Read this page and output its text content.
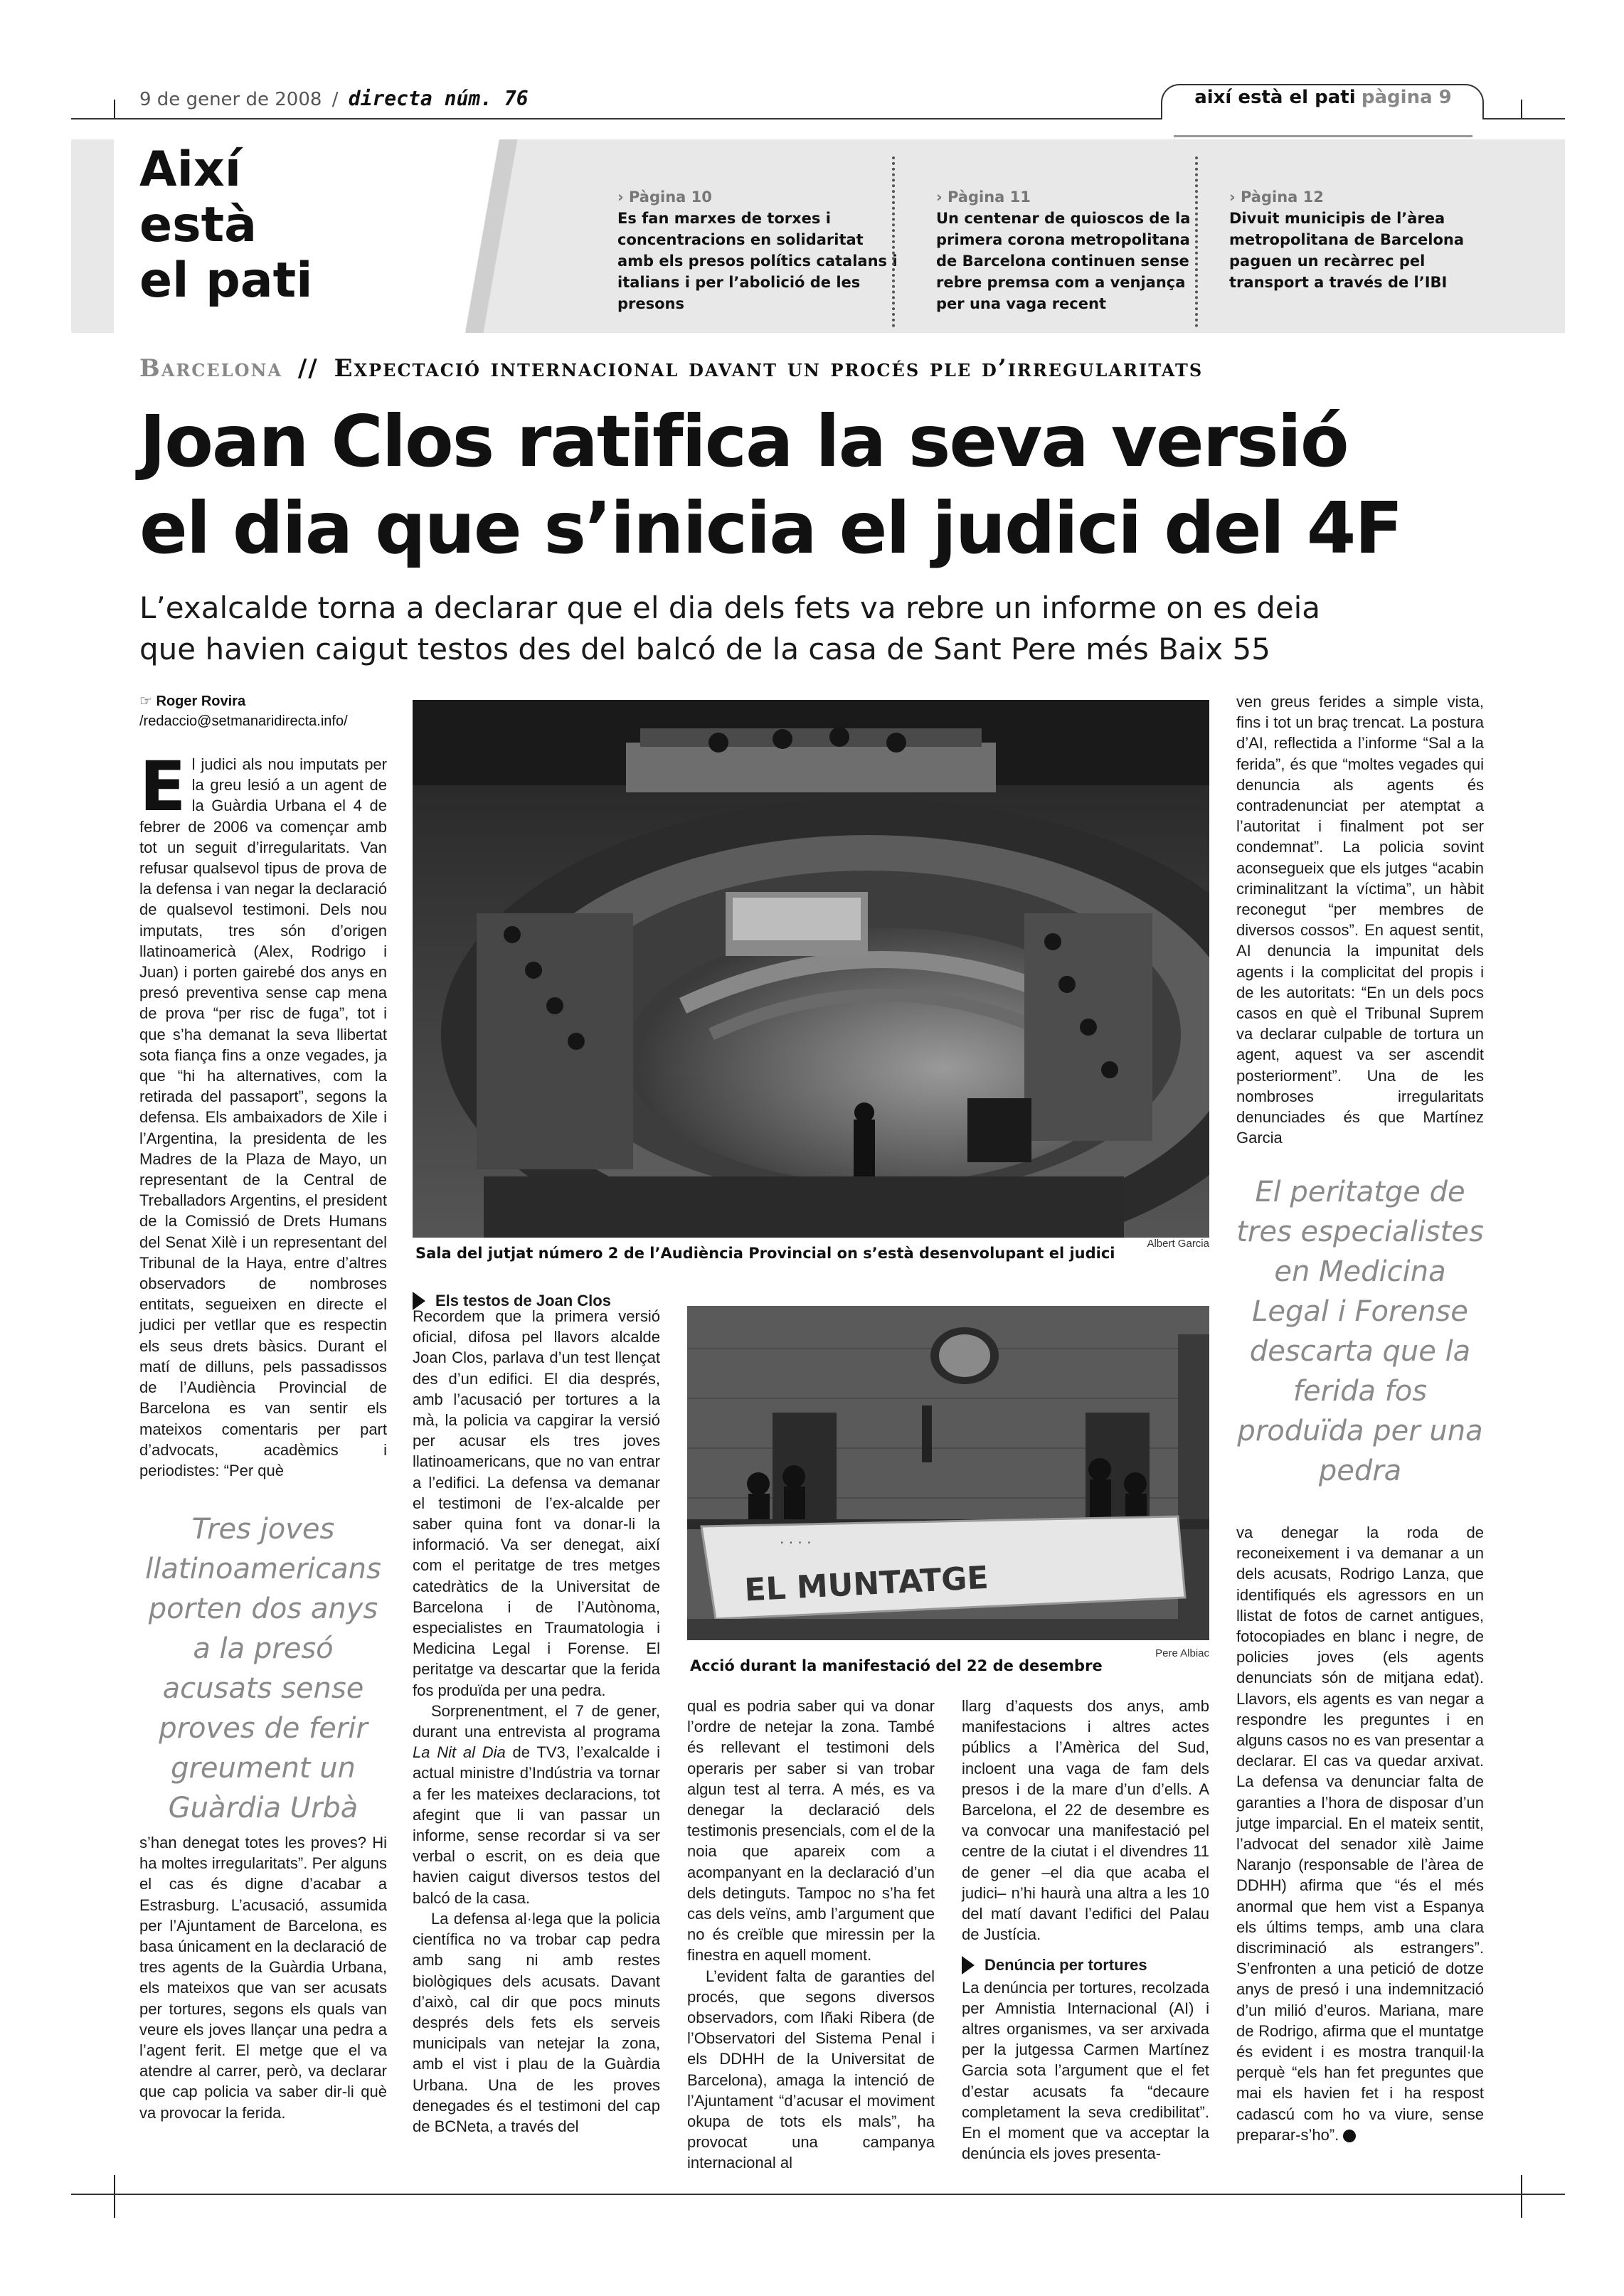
9 de gener de 2008 / directa núm. 76	així està el pati pàgina 9
Així
està
el pati
› Pàgina 10
Es fan marxes de torxes i concentracions en solidaritat amb els presos polítics catalans i italians i per l’abolició de les presons
› Pàgina 11
Un centenar de quioscos de la primera corona metropolitana de Barcelona continuen sense rebre premsa com a venjança per una vaga recent
› Pàgina 12
Divuit municipis de l’àrea metropolitana de Barcelona paguen un recàrrec pel transport a través de l’IBI
Barcelona // Expectació internacional davant un procés ple d’irregularitats
Joan Clos ratifica la seva versió
el dia que s’inicia el judici del 4F
L’exalcalde torna a declarar que el dia dels fets va rebre un informe on es deia
que havien caigut testos des del balcó de la casa de Sant Pere més Baix 55
☞ Roger Rovira
/redaccio@setmanaridirecta.info/

El judici als nou imputats per la greu lesió a un agent de la Guàrdia Urbana el 4 de febrer de 2006 va començar amb tot un seguit d’irregularitats. Van refusar qualsevol tipus de prova de la defensa i van negar la declaració de qualsevol testimoni. Dels nou imputats, tres són d’origen llatinoamericà (Alex, Rodrigo i Juan) i porten gairebé dos anys en presó preventiva sense cap mena de prova “per risc de fuga”, tot i que s’ha demanat la seva llibertat sota fiança fins a onze vegades, ja que “hi ha alternatives, com la retirada del passaport”, segons la defensa. Els ambaixadors de Xile i l’Argentina, la presidenta de les Madres de la Plaza de Mayo, un representant de la Central de Treballadors Argentins, el president de la Comissió de Drets Humans del Senat Xilè i un representant del Tribunal de la Haya, entre d’altres observadors de nombroses entitats, segueixen en directe el judici per vetllar que es respectin els seus drets bàsics. Durant el matí de dilluns, pels passadissos de l’Audiència Provincial de Barcelona es van sentir els mateixos comentaris per part d’advocats, acadèmics i periodistes: “Per què

Tres joves llatinoamericans porten dos anys a la presó acusats sense proves de ferir greument un Guàrdia Urbà

s’han denegat totes les proves? Hi ha moltes irregularitats”. Per alguns el cas és digne d’acabar a Estrasburg. L’acusació, assumida per l’Ajuntament de Barcelona, es basa únicament en la declaració de tres agents de la Guàrdia Urbana, els mateixos que van ser acusats per tortures, segons els quals van veure els joves llançar una pedra a l’agent ferit. El metge que el va atendre al carrer, però, va declarar que cap policia va saber dir-li què va provocar la ferida.

Sala del jutjat número 2 de l’Audiència Provincial on s’està desenvolupant el judici
Albert Garcia
Els testos de Joan Clos
· · · ·
EL MUNTATGE
Acció durant la manifestació del 22 de desembre
Pere Albiac

Recordem que la primera versió oficial, difosa pel llavors alcalde Joan Clos, parlava d’un test llençat des d’un edifici. El dia després, amb l’acusació per tortures a la mà, la policia va capgirar la versió per acusar els tres joves llatinoamericans, que no van entrar a l’edifici. La defensa va demanar el testimoni de l’ex-alcalde per saber quina font va donar-li la informació. Va ser denegat, així com el peritatge de tres metges catedràtics de la Universitat de Barcelona i de l’Autònoma, especialistes en Traumatologia i Medicina Legal i Forense. El peritatge va descartar que la ferida fos produïda per una pedra.

Sorprenentment, el 7 de gener, durant una entrevista al programa La Nit al Dia de TV3, l’exalcalde i actual ministre d’Indústria va tornar a fer les mateixes declaracions, tot afegint que li van passar un informe, sense recordar si va ser verbal o escrit, on es deia que havien caigut diversos testos del balcó de la casa.

La defensa al·lega que la policia científica no va trobar cap pedra amb sang ni amb restes biològiques dels acusats. Davant d’això, cal dir que pocs minuts després dels fets els serveis municipals van netejar la zona, amb el vist i plau de la Guàrdia Urbana. Una de les proves denegades és el testimoni del cap de BCNeta, a través del

qual es podria saber qui va donar l’ordre de netejar la zona. També és rellevant el testimoni dels operaris per saber si van trobar algun test al terra. A més, es va denegar la declaració dels testimonis presencials, com el de la noia que apareix com a acompanyant en la declaració d’un dels detinguts. Tampoc no s’ha fet cas dels veïns, amb l’argument que no és creïble que miressin per la finestra en aquell moment.

L’evident falta de garanties del procés, que segons diversos observadors, com Iñaki Ribera (de l’Observatori del Sistema Penal i els DDHH de la Universitat de Barcelona), amaga la intenció de l’Ajuntament “d’acusar el moviment okupa de tots els mals”, ha provocat una campanya internacional al

llarg d’aquests dos anys, amb manifestacions i altres actes públics a l’Amèrica del Sud, incloent una vaga de fam dels presos i de la mare d’un d’ells. A Barcelona, el 22 de desembre es va convocar una manifestació pel centre de la ciutat i el divendres 11 de gener –el dia que acaba el judici– n’hi haurà una altra a les 10 del matí davant l’edifici del Palau de Justícia.

Denúncia per tortures

La denúncia per tortures, recolzada per Amnistia Internacional (AI) i altres organismes, va ser arxivada per la jutgessa Carmen Martínez Garcia sota l’argument que el fet d’estar acusats fa “decaure completament la seva credibilitat”. En el moment que va acceptar la denúncia els joves presenta-

ven greus ferides a simple vista, fins i tot un braç trencat. La postura d’AI, reflectida a l’informe “Sal a la ferida”, és que “moltes vegades qui denuncia als agents és contradenunciat per atemptat a l’autoritat i finalment pot ser condemnat”. La policia sovint aconsegueix que els jutges “acabin criminalitzant la víctima”, un hàbit reconegut “per membres de diversos cossos”. En aquest sentit, AI denuncia la impunitat dels agents i la complicitat del propis i de les autoritats: “En un dels pocs casos en què el Tribunal Suprem va declarar culpable de tortura un agent, aquest va ser ascendit posteriorment”. Una de les nombroses irregularitats denunciades és que Martínez Garcia

El peritatge de tres especialistes en Medicina Legal i Forense descarta que la ferida fos produïda per una pedra

va denegar la roda de reconeixement i va demanar a un dels acusats, Rodrigo Lanza, que identifiqués els agressors en un llistat de fotos de carnet antigues, fotocopiades en blanc i negre, de policies joves (els agents denunciats són de mitjana edat). Llavors, els agents es van negar a respondre les preguntes i en alguns casos no es van presentar a declarar. El cas va quedar arxivat. La defensa va denunciar falta de garanties a l’hora de disposar d’un jutge imparcial. En el mateix sentit, l’advocat del senador xilè Jaime Naranjo (responsable de l’àrea de DDHH) afirma que “és el més anormal que hem vist a Espanya els últims temps, amb una clara discriminació als estrangers”. S’enfronten a una petició de dotze anys de presó i una indemnització d’un milió d’euros. Mariana, mare de Rodrigo, afirma que el muntatge és evident i es mostra tranquil·la perquè “els han fet preguntes que mai els havien fet i ha respost cadascú com ho va viure, sense preparar-s’ho”.
